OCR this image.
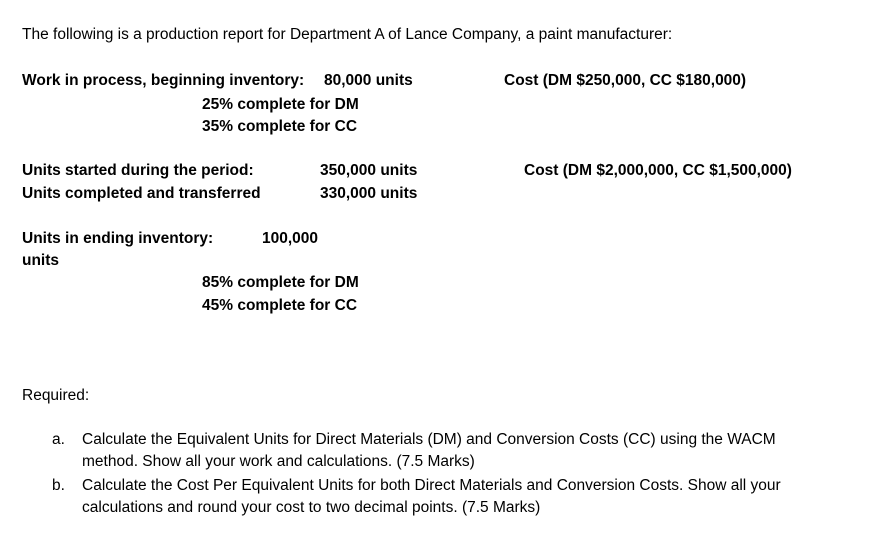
The following is a production report for Department A of Lance Company, a paint manufacturer:
Work in process, beginning inventory: 80,000 units	Cost (DM $250,000, CC $180,000)
25% complete for DM
35% complete for CC
Units started during the period:	350,000 units	Cost (DM $2,000,000, CC $1,500,000)
Units completed and transferred	330,000 units
Units in ending inventory:	100,000
units
85% complete for DM
45% complete for CC
Required:
a. Calculate the Equivalent Units for Direct Materials (DM) and Conversion Costs (CC) using the WACM
method. Show all your work and calculations. (7.5 Marks)
b. Calculate the Cost Per Equivalent Units for both Direct Materials and Conversion Costs. Show all your
calculations and round your cost to two decimal points. (7.5 Marks)
